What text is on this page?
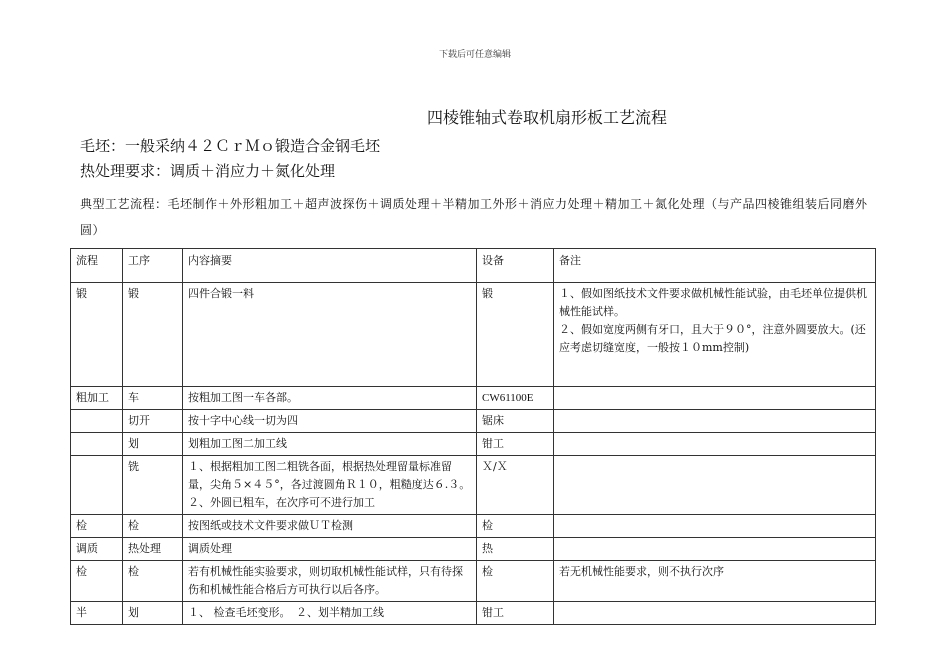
下载后可任意编辑
四棱锥轴式卷取机扇形板工艺流程
毛坯：一般采纳４２ＣｒＭｏ锻造合金钢毛坯
热处理要求：调质＋消应力＋氮化处理
典型工艺流程：毛坯制作＋外形粗加工＋超声波探伤＋调质处理＋半精加工外形＋消应力处理＋精加工＋氮化处理（与产品四棱锥组装后同磨外圆）
流程	工序	内容摘要	设备	备注
锻	锻	四件合锻一料	锻	１、假如图纸技术文件要求做机械性能试验，由毛坯单位提供机械性能试样。
２、假如宽度两侧有牙口，且大于９０°，注意外圆要放大。(还应考虑切缝宽度，一般按１０mm控制)

粗加工	车	按粗加工图一车各部。	CW61100E	
	切开	按十字中心线一切为四	锯床	
	划	划粗加工图二加工线	钳工	
	铣	１、根据粗加工图二粗铣各面，根据热处理留量标准留量，尖角５×４５°，各过渡圆角Ｒ１０，粗糙度达６.３。２、外圆已粗车，在次序可不进行加工	Ｘ/Ｘ	
检	检	按图纸或技术文件要求做ＵＴ检测	检	
调质	热处理	调质处理	热	
检	检	若有机械性能实验要求，则切取机械性能试样，只有待探伤和机械性能合格后方可执行以后各序。	检	若无机械性能要求，则不执行次序

半	划	１、 检查毛坯变形。　２、划半精加工线	钳工	
